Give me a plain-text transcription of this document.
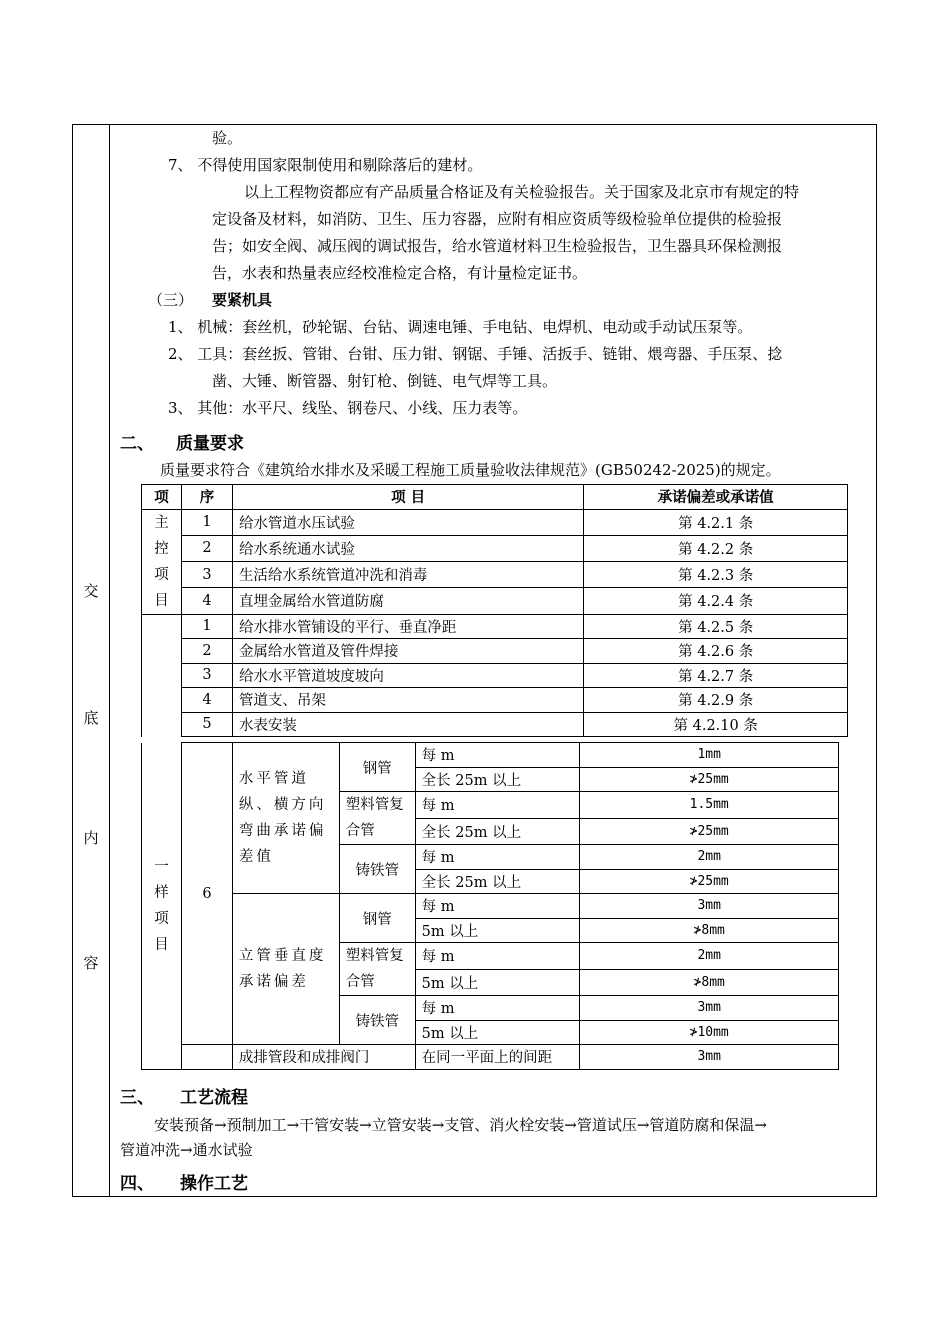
交
底
内
容
验。
7、 不得使用国家限制使用和剔除落后的建材。
以上工程物资都应有产品质量合格证及有关检验报告。关于国家及北京市有规定的特
定设备及材料，如消防、卫生、压力容器，应附有相应资质等级检验单位提供的检验报
告；如安全阀、减压阀的调试报告，给水管道材料卫生检验报告，卫生器具环保检测报
告，水表和热量表应经校准检定合格，有计量检定证书。
（三） 要紧机具
1、 机械：套丝机，砂轮锯、台钻、调速电锤、手电钻、电焊机、电动或手动试压泵等。
2、 工具：套丝扳、管钳、台钳、压力钳、钢锯、手锤、活扳手、链钳、煨弯器、手压泵、捻
凿、大锤、断管器、射钉枪、倒链、电气焊等工具。
3、 其他：水平尺、线坠、钢卷尺、小线、压力表等。
二、 质量要求
质量要求符合《建筑给水排水及采暖工程施工质量验收法律规范》(GB50242-2025)的规定。
项	序	项 目	承诺偏差或承诺值
主控项目	1	给水管道水压试验	第 4.2.1 条
	2	给水系统通水试验	第 4.2.2 条
	3	生活给水系统管道冲洗和消毒	第 4.2.3 条
	4	直埋金属给水管道防腐	第 4.2.4 条
	1	给水排水管铺设的平行、垂直净距	第 4.2.5 条
	2	金属给水管道及管件焊接	第 4.2.6 条
	3	给水水平管道坡度坡向	第 4.2.7 条
	4	管道支、吊架	第 4.2.9 条
	5	水表安装	第 4.2.10 条
一样项目	6	水平管道纵、横方向弯曲承诺偏差值	钢管	每 m	1mm
				全长 25m 以上	≯25mm
			塑料管复合管	每 m	1.5mm
				全长 25m 以上	≯25mm
			铸铁管	每 m	2mm
				全长 25m 以上	≯25mm
		立管垂直度承诺偏差	钢管	每 m	3mm
				5m 以上	≯8mm
			塑料管复合管	每 m	2mm
				5m 以上	≯8mm
			铸铁管	每 m	3mm
				5m 以上	≯10mm
		成排管段和成排阀门		在同一平面上的间距	3mm
三、 工艺流程
安装预备→预制加工→干管安装→立管安装→支管、消火栓安装→管道试压→管道防腐和保温→
管道冲洗→通水试验
四、 操作工艺
